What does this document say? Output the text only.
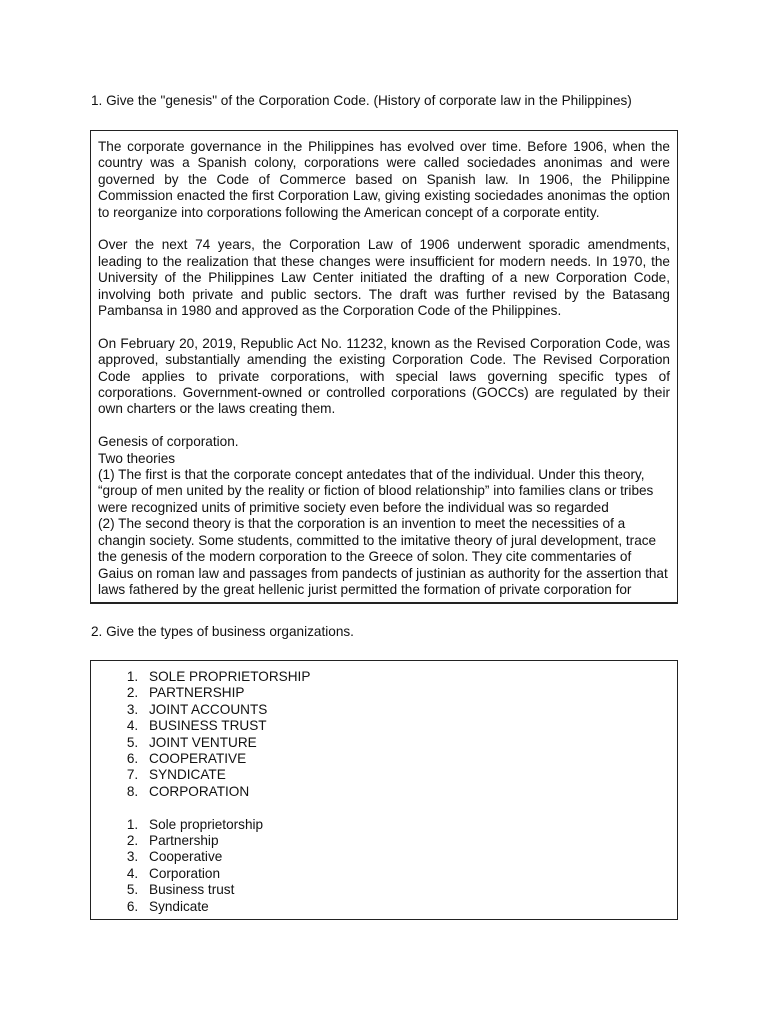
1. Give the "genesis" of the Corporation Code. (History of corporate law in the Philippines)

The corporate governance in the Philippines has evolved over time. Before 1906, when the country was a Spanish colony, corporations were called sociedades anonimas and were governed by the Code of Commerce based on Spanish law. In 1906, the Philippine Commission enacted the first Corporation Law, giving existing sociedades anonimas the option to reorganize into corporations following the American concept of a corporate entity.

Over the next 74 years, the Corporation Law of 1906 underwent sporadic amendments, leading to the realization that these changes were insufficient for modern needs. In 1970, the University of the Philippines Law Center initiated the drafting of a new Corporation Code, involving both private and public sectors. The draft was further revised by the Batasang Pambansa in 1980 and approved as the Corporation Code of the Philippines.

On February 20, 2019, Republic Act No. 11232, known as the Revised Corporation Code, was approved, substantially amending the existing Corporation Code. The Revised Corporation Code applies to private corporations, with special laws governing specific types of corporations. Government-owned or controlled corporations (GOCCs) are regulated by their own charters or the laws creating them.

Genesis of corporation.

Two theories

(1) The first is that the corporate concept antedates that of the individual. Under this theory, “group of men united by the reality or fiction of blood relationship” into families clans or tribes were recognized units of primitive society even before the individual was so regarded

(2) The second theory is that the corporation is an invention to meet the necessities of a changin society. Some students, committed to the imitative theory of jural development, trace the genesis of the modern corporation to the Greece of solon. They cite commentaries of Gaius on roman law and passages from pandects of justinian as authority for the assertion that laws fathered by the great hellenic jurist permitted the formation of private corporation for

2. Give the types of business organizations.

1. SOLE PROPRIETORSHIP
2. PARTNERSHIP
3. JOINT ACCOUNTS
4. BUSINESS TRUST
5. JOINT VENTURE
6. COOPERATIVE
7. SYNDICATE
8. CORPORATION
1. Sole proprietorship
2. Partnership
3. Cooperative
4. Corporation
5. Business trust
6. Syndicate
